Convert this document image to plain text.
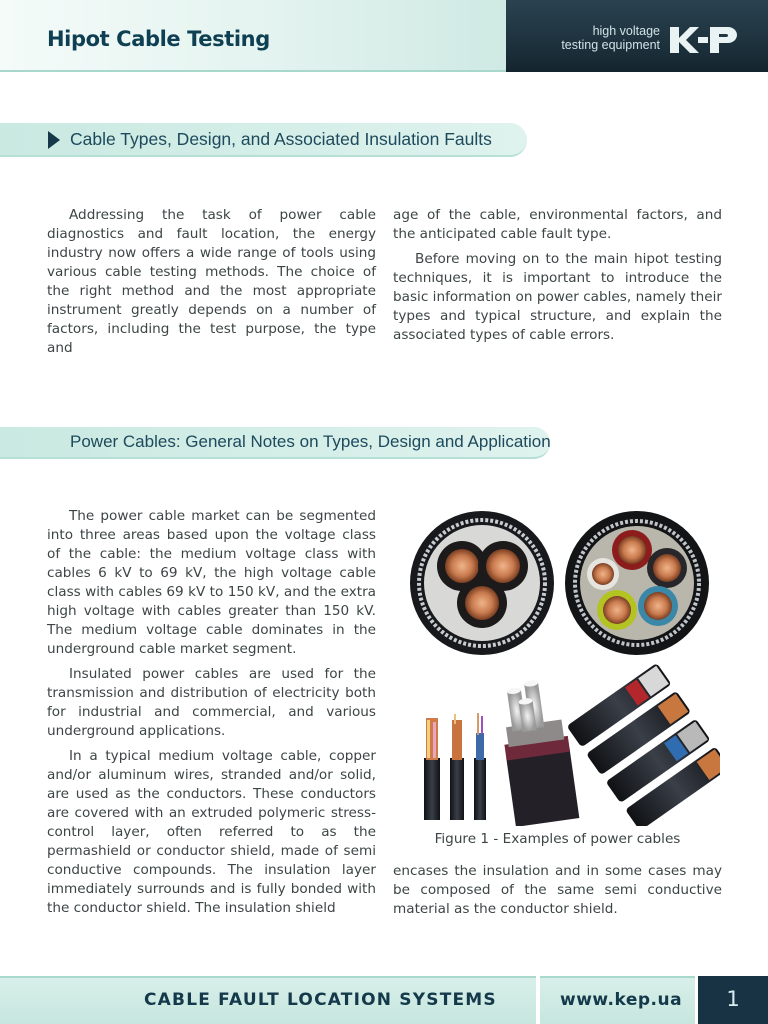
Hipot Cable Testing	high voltage
testing equipment
Cable Types, Design, and Associated Insulation Faults

Addressing the task of power cable diagnostics and fault location, the energy industry now offers a wide range of tools using various cable testing methods. The choice of the right method and the most appropriate instrument greatly depends on a number of factors, including the test purpose, the type and

age of the cable, environmental factors, and the anticipated cable fault type.

Before moving on to the main hipot testing techniques, it is important to introduce the basic information on power cables, namely their types and typical structure, and explain the associated types of cable errors.

Power Cables: General Notes on Types, Design and Application

The power cable market can be segmented into three areas based upon the voltage class of the cable: the medium voltage class with cables 6 kV to 69 kV, the high voltage cable class with cables 69 kV to 150 kV, and the extra high voltage with cables greater than 150 kV. The medium voltage cable dominates in the underground cable market segment.

Insulated power cables are used for the transmission and distribution of electricity both for industrial and commercial, and various underground applications.

In a typical medium voltage cable, copper and/or aluminum wires, stranded and/or solid, are used as the conductors. These conductors are covered with an extruded polymeric stress-control layer, often referred to as the permashield or conductor shield, made of semi conductive compounds. The insulation layer immediately surrounds and is fully bonded with the conductor shield. The insulation shield

Figure 1 - Examples of power cables

encases the insulation and in some cases may be composed of the same semi conductive material as the conductor shield.

CABLE FAULT LOCATION SYSTEMS	www.kep.ua	1
